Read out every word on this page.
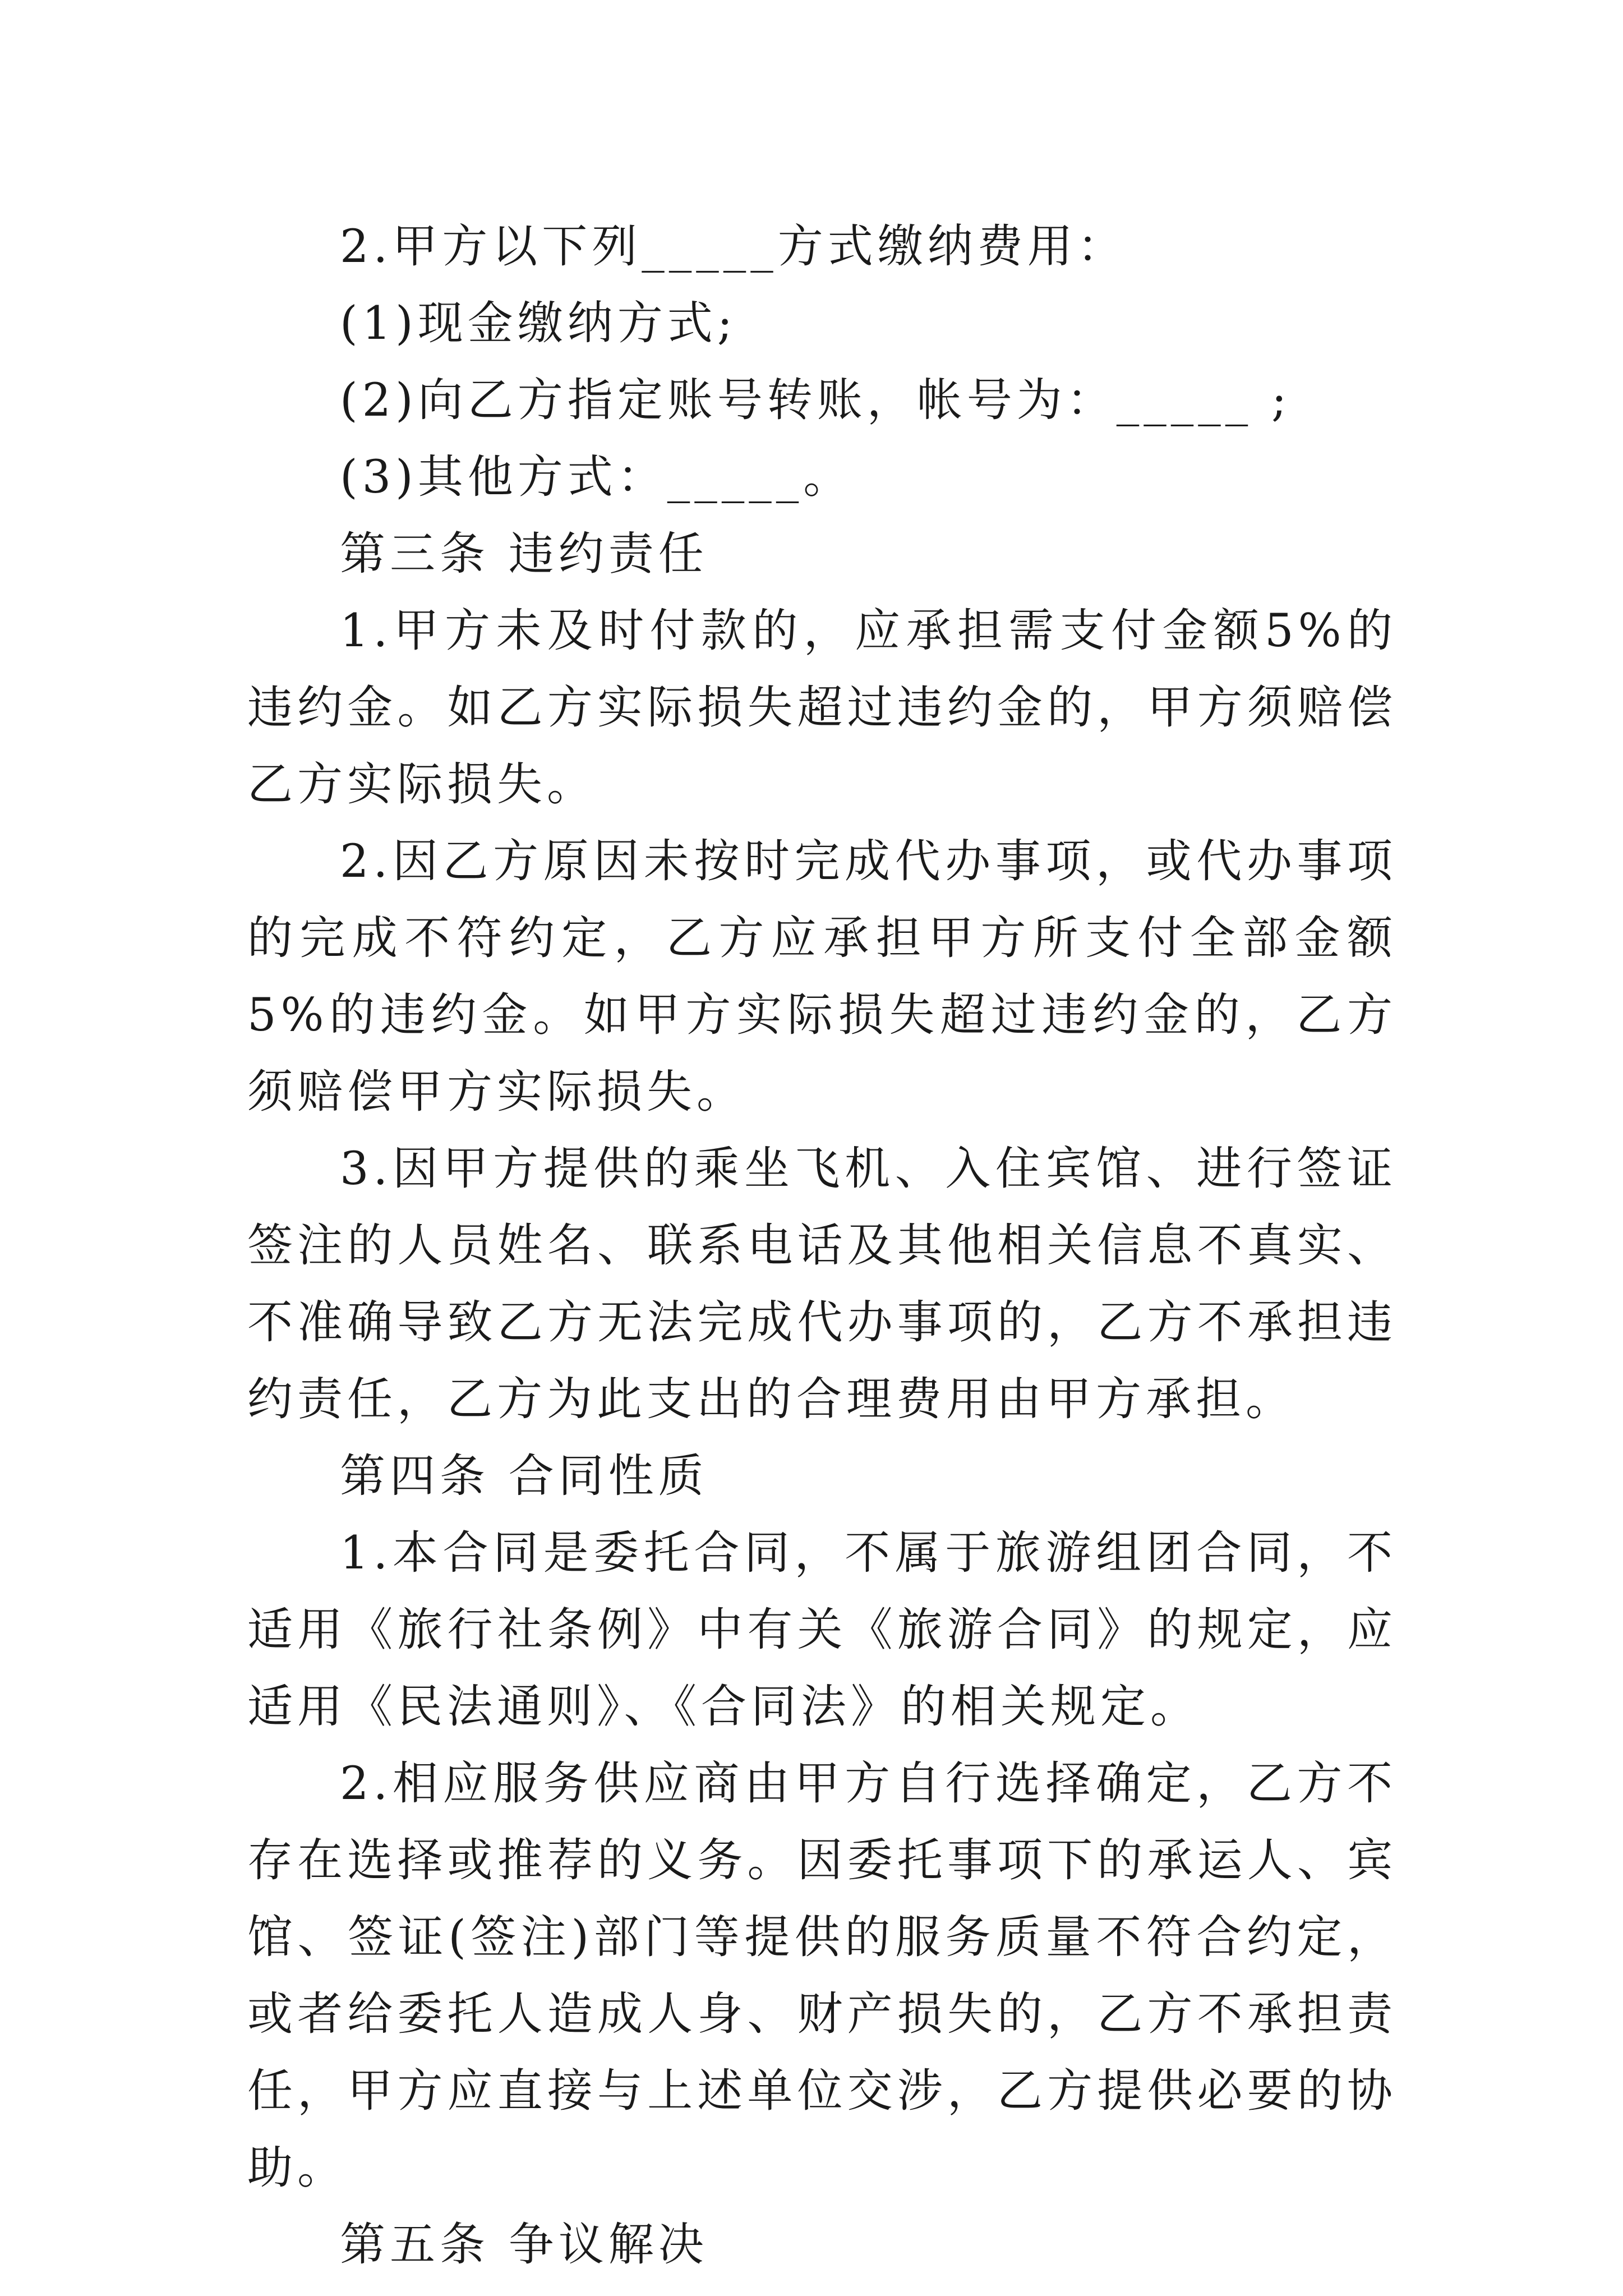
2.甲方以下列_____方式缴纳费用：

(1)现金缴纳方式;

(2)向乙方指定账号转账，帐号为：_____ ;

(3)其他方式：_____。

第三条 违约责任

1.甲方未及时付款的，应承担需支付金额5%的违约金。如乙方实际损失超过违约金的，甲方须赔偿乙方实际损失。

2.因乙方原因未按时完成代办事项，或代办事项的完成不符约定，乙方应承担甲方所支付全部金额5%的违约金。如甲方实际损失超过违约金的，乙方须赔偿甲方实际损失。

3.因甲方提供的乘坐飞机、入住宾馆、进行签证签注的人员姓名、联系电话及其他相关信息不真实、不准确导致乙方无法完成代办事项的，乙方不承担违约责任，乙方为此支出的合理费用由甲方承担。

第四条 合同性质

1.本合同是委托合同，不属于旅游组团合同，不适用《旅行社条例》中有关《旅游合同》的规定，应适用《民法通则》、《合同法》的相关规定。

2.相应服务供应商由甲方自行选择确定，乙方不存在选择或推荐的义务。因委托事项下的承运人、宾馆、签证(签注)部门等提供的服务质量不符合约定，或者给委托人造成人身、财产损失的，乙方不承担责任，甲方应直接与上述单位交涉，乙方提供必要的协助。

第五条 争议解决
